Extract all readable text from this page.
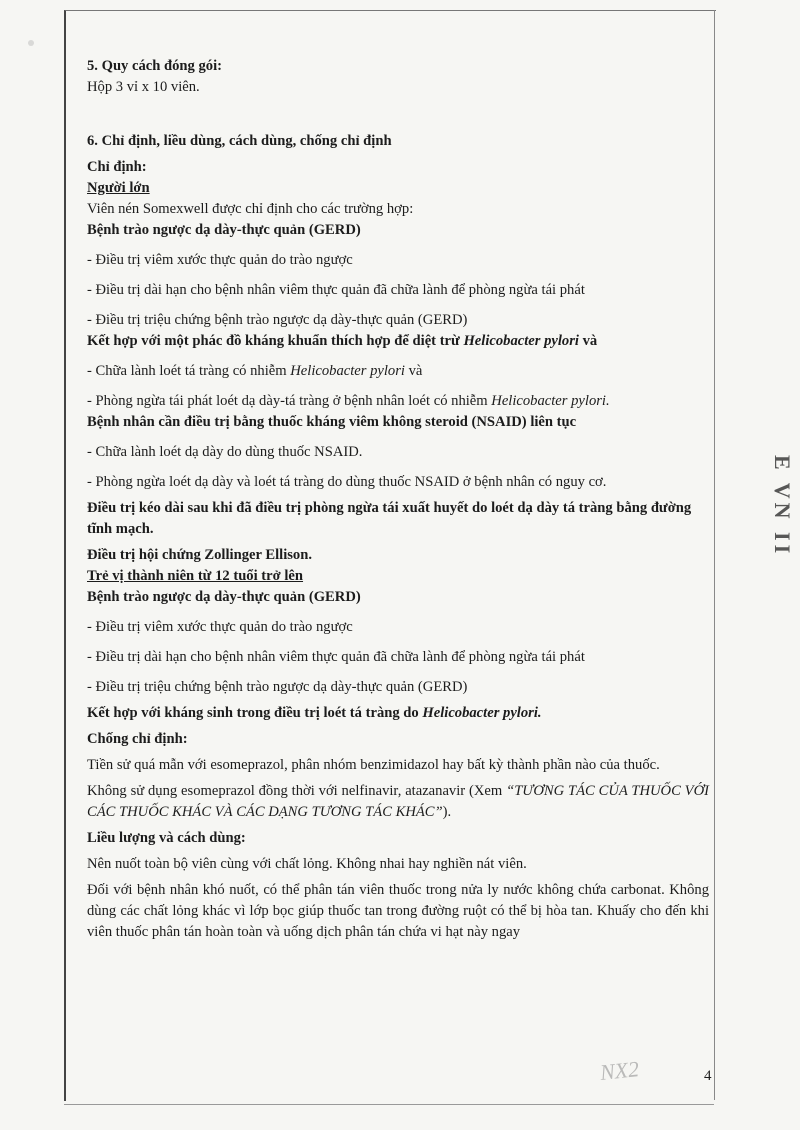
5. Quy cách đóng gói:

Hộp 3 vỉ x 10 viên.

6. Chỉ định, liều dùng, cách dùng, chống chỉ định

Chỉ định:

Người lớn

Viên nén Somexwell được chỉ định cho các trường hợp:

Bệnh trào ngược dạ dày-thực quản (GERD)

- Điều trị viêm xước thực quản do trào ngược

- Điều trị dài hạn cho bệnh nhân viêm thực quản đã chữa lành để phòng ngừa tái phát

- Điều trị triệu chứng bệnh trào ngược dạ dày-thực quản (GERD)

Kết hợp với một phác đồ kháng khuẩn thích hợp để diệt trừ Helicobacter pylori và

- Chữa lành loét tá tràng có nhiễm Helicobacter pylori và

- Phòng ngừa tái phát loét dạ dày-tá tràng ở bệnh nhân loét có nhiễm Helicobacter pylori.

Bệnh nhân cần điều trị bằng thuốc kháng viêm không steroid (NSAID) liên tục

- Chữa lành loét dạ dày do dùng thuốc NSAID.

- Phòng ngừa loét dạ dày và loét tá tràng do dùng thuốc NSAID ở bệnh nhân có nguy cơ.

Điều trị kéo dài sau khi đã điều trị phòng ngừa tái xuất huyết do loét dạ dày tá tràng bằng đường tĩnh mạch.

Điều trị hội chứng Zollinger Ellison.

Trẻ vị thành niên từ 12 tuổi trở lên

Bệnh trào ngược dạ dày-thực quản (GERD)

- Điều trị viêm xước thực quản do trào ngược

- Điều trị dài hạn cho bệnh nhân viêm thực quản đã chữa lành để phòng ngừa tái phát

- Điều trị triệu chứng bệnh trào ngược dạ dày-thực quản (GERD)

Kết hợp với kháng sinh trong điều trị loét tá tràng do Helicobacter pylori.

Chống chỉ định:

Tiền sử quá mẫn với esomeprazol, phân nhóm benzimidazol hay bất kỳ thành phần nào của thuốc.

Không sử dụng esomeprazol đồng thời với nelfinavir, atazanavir (Xem “TƯƠNG TÁC CỦA THUỐC VỚI CÁC THUỐC KHÁC VÀ CÁC DẠNG TƯƠNG TÁC KHÁC”).

Liều lượng và cách dùng:

Nên nuốt toàn bộ viên cùng với chất lỏng. Không nhai hay nghiền nát viên.

Đối với bệnh nhân khó nuốt, có thể phân tán viên thuốc trong nửa ly nước không chứa carbonat. Không dùng các chất lỏng khác vì lớp bọc giúp thuốc tan trong đường ruột có thể bị hòa tan. Khuấy cho đến khi viên thuốc phân tán hoàn toàn và uống dịch phân tán chứa vi hạt này ngay

NX2	4
E VN II
